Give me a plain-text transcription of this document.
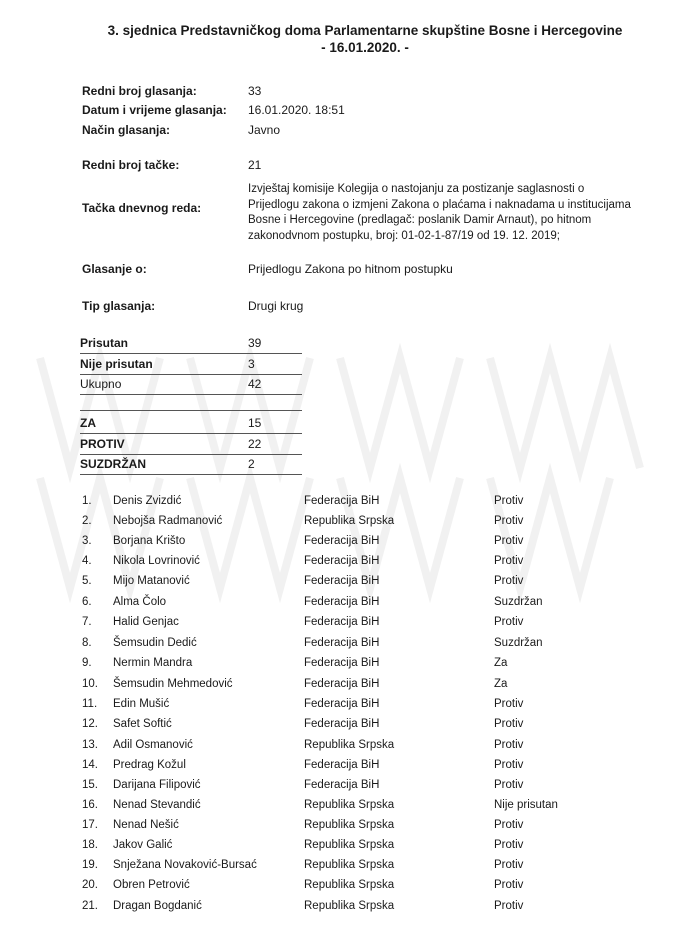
3. sjednica Predstavničkog doma Parlamentarne skupštine Bosne i Hercegovine
- 16.01.2020. -
Redni broj glasanja:	33
Datum i vrijeme glasanja: 16.01.2020. 18:51
Način glasanja:	Javno
Redni broj tačke:	21
Tačka dnevnog reda:
Izvještaj komisije Kolegija o nastojanju za postizanje saglasnosti o
Prijedlogu zakona o izmjeni Zakona o plaćama i naknadama u institucijama
Bosne i Hercegovine (predlagač: poslanik Damir Arnaut), po hitnom
zakonodvnom postupku, broj: 01-02-1-87/19 od 19. 12. 2019;
Glasanje o:	Prijedlogu Zakona po hitnom postupku
Tip glasanja:	Drugi krug
Prisutan	39
Nije prisutan	3
Ukupno	42
ZA	15
PROTIV	22
SUZDRŽAN	2
1. Denis Zvizdić	Federacija BiH	Protiv
2. Nebojša Radmanović	Republika Srpska	Protiv
3. Borjana Krišto	Federacija BiH	Protiv
4. Nikola Lovrinović	Federacija BiH	Protiv
5. Mijo Matanović	Federacija BiH	Protiv
6. Alma Čolo	Federacija BiH	Suzdržan
7. Halid Genjac	Federacija BiH	Protiv
8. Šemsudin Dedić	Federacija BiH	Suzdržan
9. Nermin Mandra	Federacija BiH	Za
10. Šemsudin Mehmedović	Federacija BiH	Za
11. Edin Mušić	Federacija BiH	Protiv
12. Safet Softić	Federacija BiH	Protiv
13. Adil Osmanović	Republika Srpska	Protiv
14. Predrag Kožul	Federacija BiH	Protiv
15. Darijana Filipović	Federacija BiH	Protiv
16. Nenad Stevandić	Republika Srpska	Nije prisutan
17. Nenad Nešić	Republika Srpska	Protiv
18. Jakov Galić	Republika Srpska	Protiv
19. Snježana Novaković-Bursać	Republika Srpska	Protiv
20. Obren Petrović	Republika Srpska	Protiv
21. Dragan Bogdanić	Republika Srpska	Protiv
